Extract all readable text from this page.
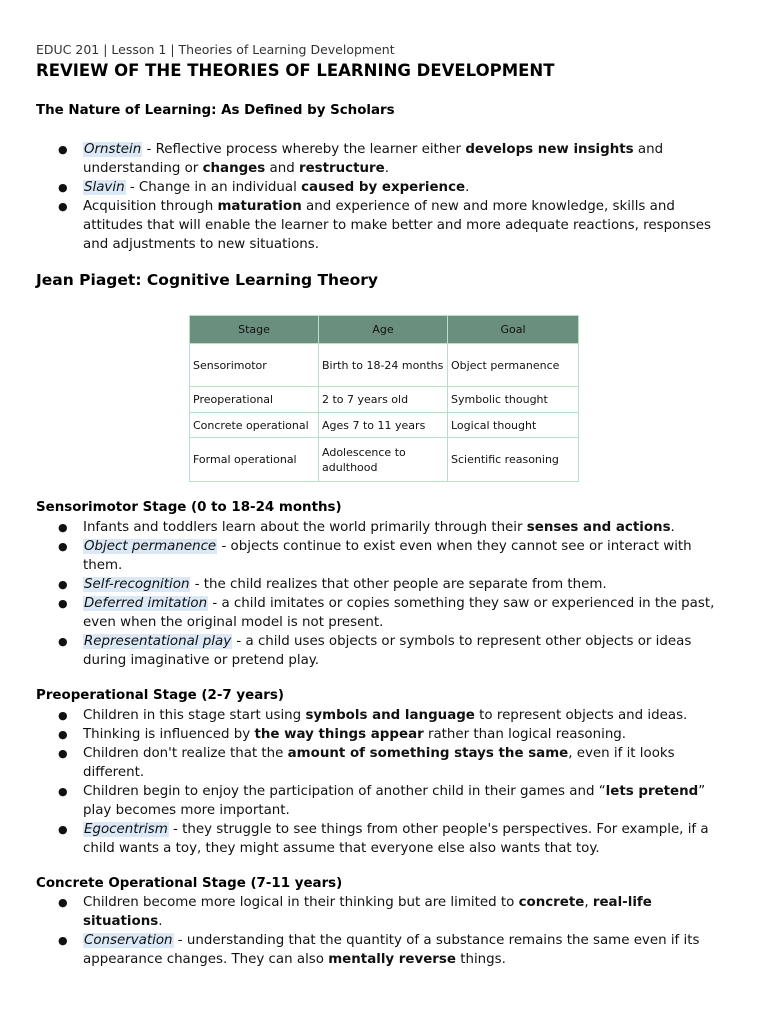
EDUC 201 | Lesson 1 | Theories of Learning Development
REVIEW OF THE THEORIES OF LEARNING DEVELOPMENT
The Nature of Learning: As Defined by Scholars
● Ornstein - Reflective process whereby the learner either develops new insights and understanding or changes and restructure.
● Slavin - Change in an individual caused by experience.
● Acquisition through maturation and experience of new and more knowledge, skills and attitudes that will enable the learner to make better and more adequate reactions, responses and adjustments to new situations.
Jean Piaget: Cognitive Learning Theory
Stage	Age	Goal
Sensorimotor	Birth to 18-24 months	Object permanence
Preoperational	2 to 7 years old	Symbolic thought
Concrete operational	Ages 7 to 11 years	Logical thought
Formal operational	Adolescence to adulthood	Scientific reasoning
Sensorimotor Stage (0 to 18-24 months)
● Infants and toddlers learn about the world primarily through their senses and actions.
● Object permanence - objects continue to exist even when they cannot see or interact with them.
● Self-recognition - the child realizes that other people are separate from them.
● Deferred imitation - a child imitates or copies something they saw or experienced in the past, even when the original model is not present.
● Representational play - a child uses objects or symbols to represent other objects or ideas during imaginative or pretend play.
Preoperational Stage (2-7 years)
● Children in this stage start using symbols and language to represent objects and ideas.
● Thinking is influenced by the way things appear rather than logical reasoning.
● Children don't realize that the amount of something stays the same, even if it looks different.
● Children begin to enjoy the participation of another child in their games and “lets pretend” play becomes more important.
● Egocentrism - they struggle to see things from other people's perspectives. For example, if a child wants a toy, they might assume that everyone else also wants that toy.
Concrete Operational Stage (7-11 years)
● Children become more logical in their thinking but are limited to concrete, real-life situations.
● Conservation - understanding that the quantity of a substance remains the same even if its appearance changes. They can also mentally reverse things.
